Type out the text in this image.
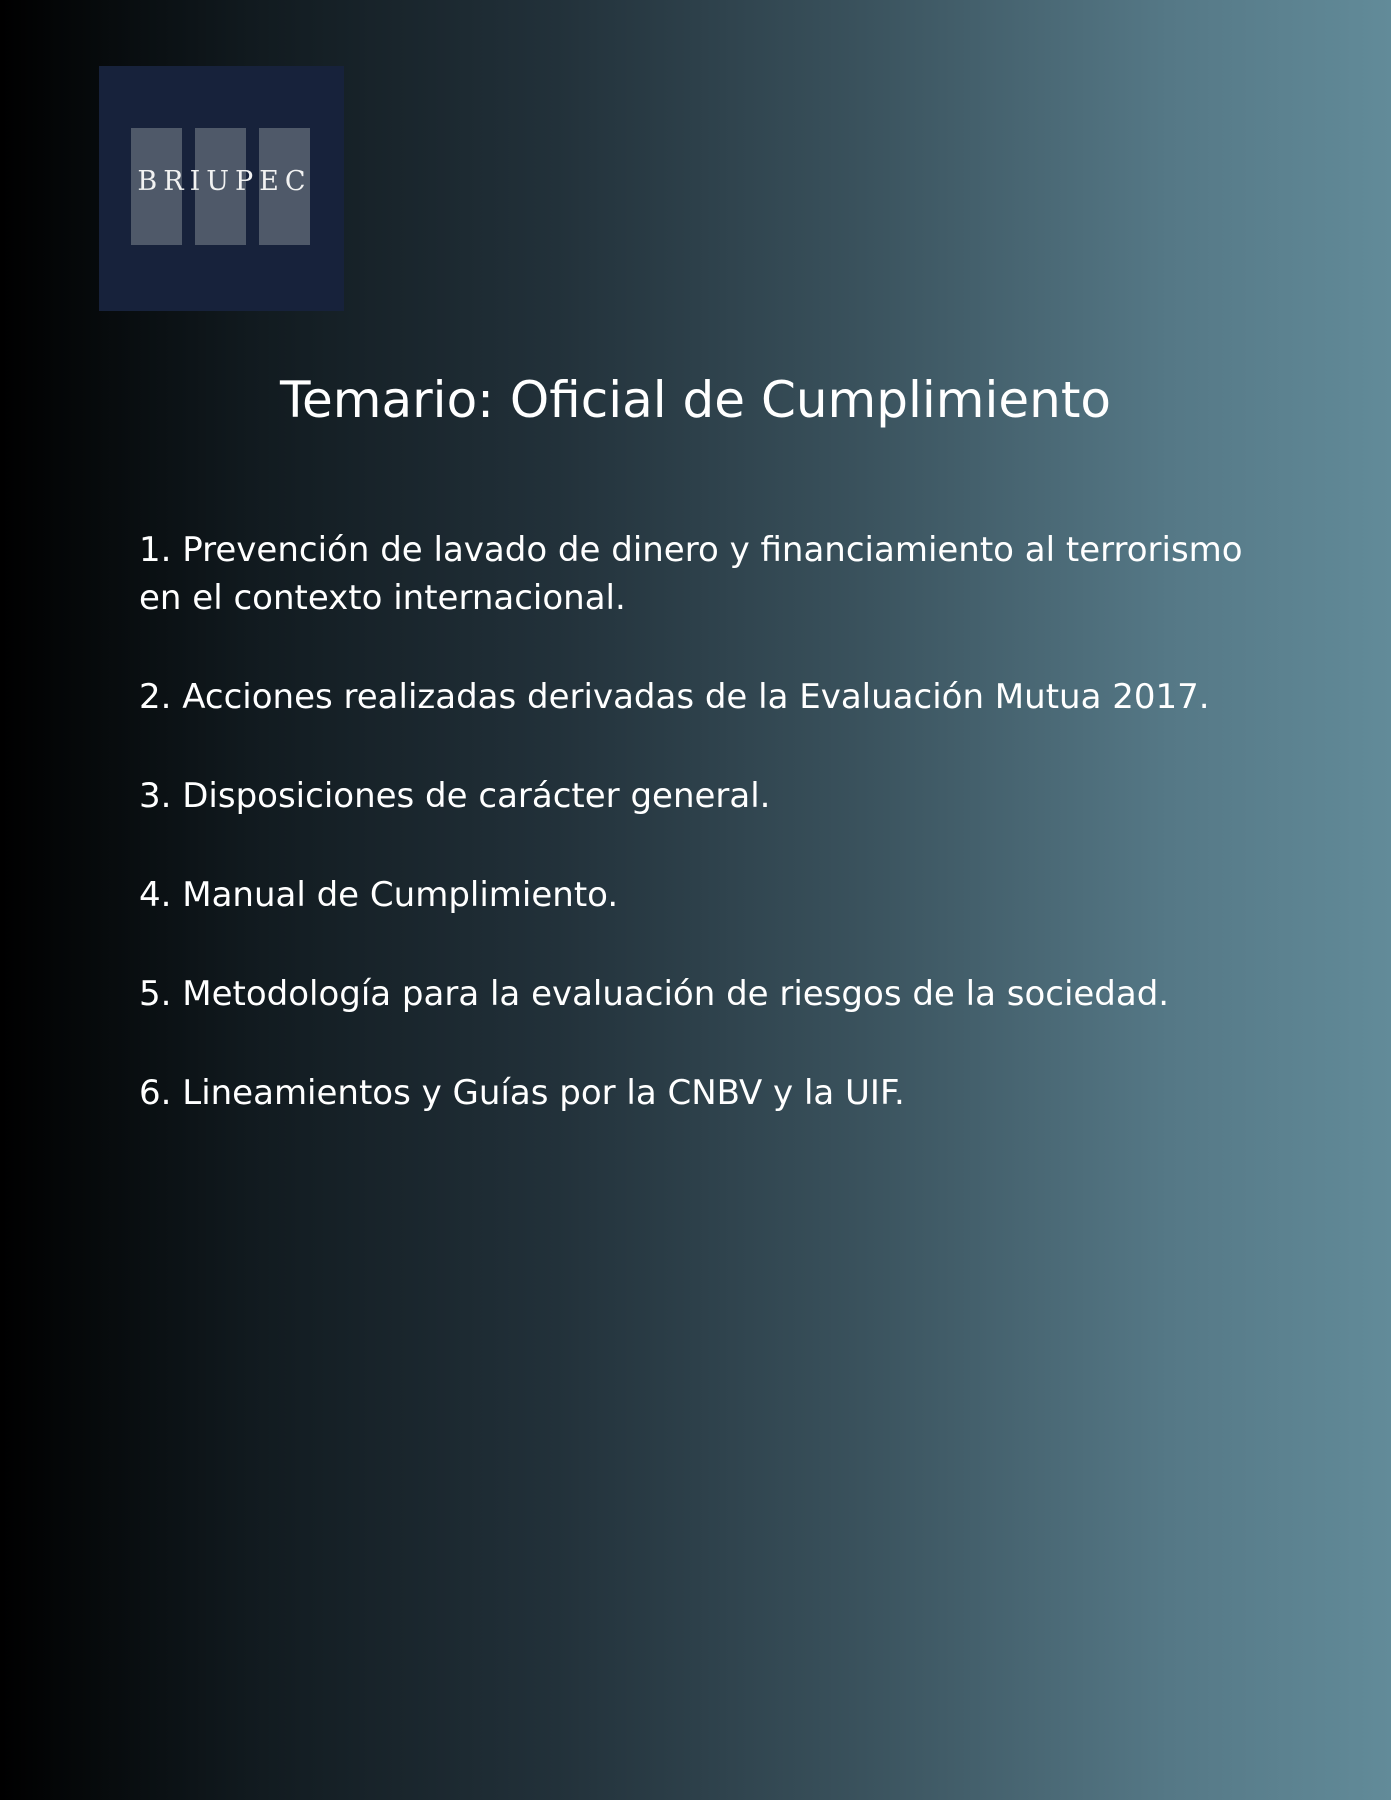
BRIUPEC
Temario: Oficial de Cumplimiento
1. Prevención de lavado de dinero y financiamiento al terrorismo en el contexto internacional.
2. Acciones realizadas derivadas de la Evaluación Mutua 2017.
3. Disposiciones de carácter general.
4. Manual de Cumplimiento.
5. Metodología para la evaluación de riesgos de la sociedad.
6. Lineamientos y Guías por la CNBV y la UIF.
